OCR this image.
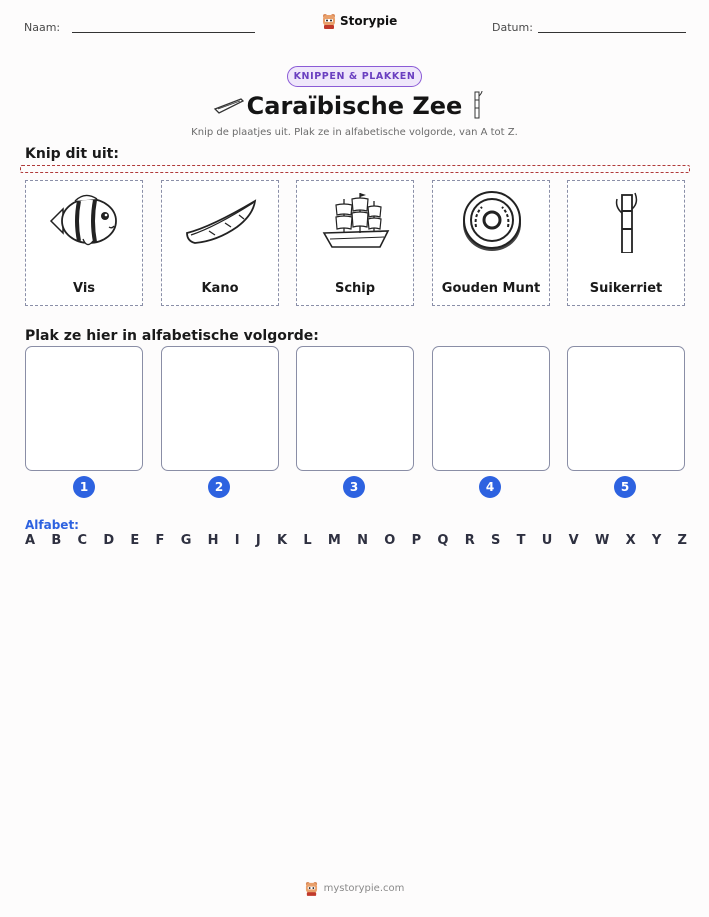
Naam:	Storypie	Datum:
KNIPPEN & PLAKKEN
Caraïbische Zee
Knip de plaatjes uit. Plak ze in alfabetische volgorde, van A tot Z.
Knip dit uit:
Vis	Kano	Schip	Gouden Munt	Suikerriet
Plak ze hier in alfabetische volgorde:
1	2	3	4	5
Alfabet:
A B C D E F G H I J K L M N O P Q R S T U V W X Y Z
mystorypie.com
